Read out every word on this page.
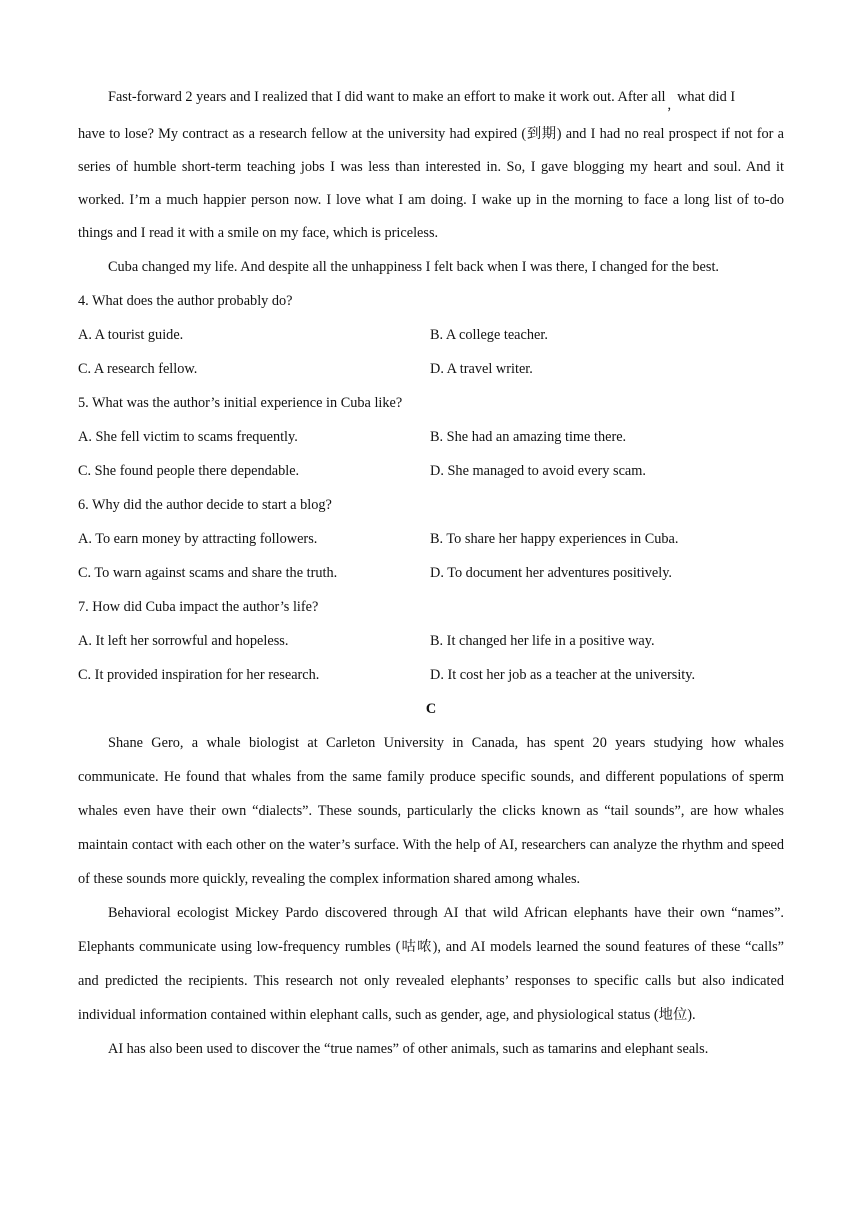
Fast-forward 2 years and I realized that I did want to make an effort to make it work out. After all , what did I
have to lose? My contract as a research fellow at the university had expired (到期) and I had no real prospect if not for a series of humble short-term teaching jobs I was less than interested in. So, I gave blogging my heart and soul. And it worked. I’m a much happier person now. I love what I am doing. I wake up in the morning to face a long list of to-do things and I read it with a smile on my face, which is priceless.

Cuba changed my life. And despite all the unhappiness I felt back when I was there, I changed for the best.

4. What does the author probably do?

A. A tourist guide.	B. A college teacher.
C. A research fellow.	D. A travel writer.

5. What was the author’s initial experience in Cuba like?

A. She fell victim to scams frequently.	B. She had an amazing time there.
C. She found people there dependable.	D. She managed to avoid every scam.

6. Why did the author decide to start a blog?

A. To earn money by attracting followers.	B. To share her happy experiences in Cuba.
C. To warn against scams and share the truth.	D. To document her adventures positively.

7. How did Cuba impact the author’s life?

A. It left her sorrowful and hopeless.	B. It changed her life in a positive way.
C. It provided inspiration for her research.	D. It cost her job as a teacher at the university.

C

Shane Gero, a whale biologist at Carleton University in Canada, has spent 20 years studying how whales communicate. He found that whales from the same family produce specific sounds, and different populations of sperm whales even have their own “dialects”. These sounds, particularly the clicks known as “tail sounds”, are how whales maintain contact with each other on the water’s surface. With the help of AI, researchers can analyze the rhythm and speed of these sounds more quickly, revealing the complex information shared among whales.

Behavioral ecologist Mickey Pardo discovered through AI that wild African elephants have their own “names”. Elephants communicate using low-frequency rumbles (咕哝), and AI models learned the sound features of these “calls” and predicted the recipients. This research not only revealed elephants’ responses to specific calls but also indicated individual information contained within elephant calls, such as gender, age, and physiological status (地位).

AI has also been used to discover the “true names” of other animals, such as tamarins and elephant seals.
